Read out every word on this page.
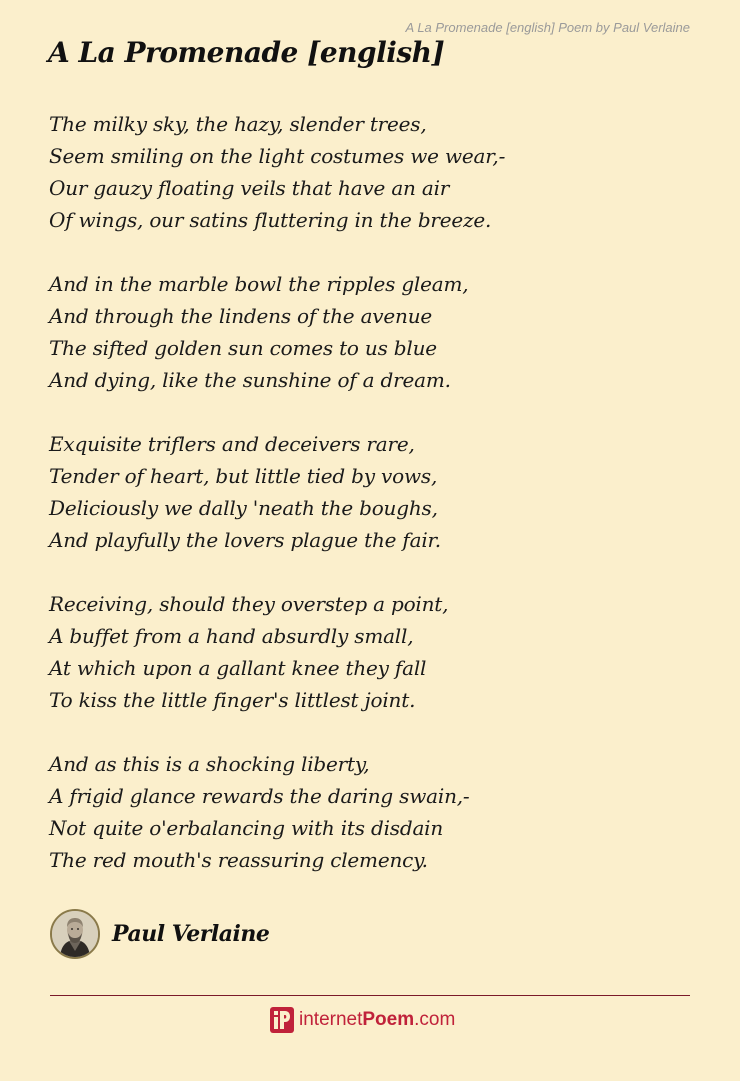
A La Promenade [english] Poem by Paul Verlaine
A La Promenade [english]
The milky sky, the hazy, slender trees,
Seem smiling on the light costumes we wear,-
Our gauzy floating veils that have an air
Of wings, our satins fluttering in the breeze.
And in the marble bowl the ripples gleam,
And through the lindens of the avenue
The sifted golden sun comes to us blue
And dying, like the sunshine of a dream.
Exquisite triflers and deceivers rare,
Tender of heart, but little tied by vows,
Deliciously we dally 'neath the boughs,
And playfully the lovers plague the fair.
Receiving, should they overstep a point,
A buffet from a hand absurdly small,
At which upon a gallant knee they fall
To kiss the little finger's littlest joint.
And as this is a shocking liberty,
A frigid glance rewards the daring swain,-
Not quite o'erbalancing with its disdain
The red mouth's reassuring clemency.
Paul Verlaine
internetPoem.com
